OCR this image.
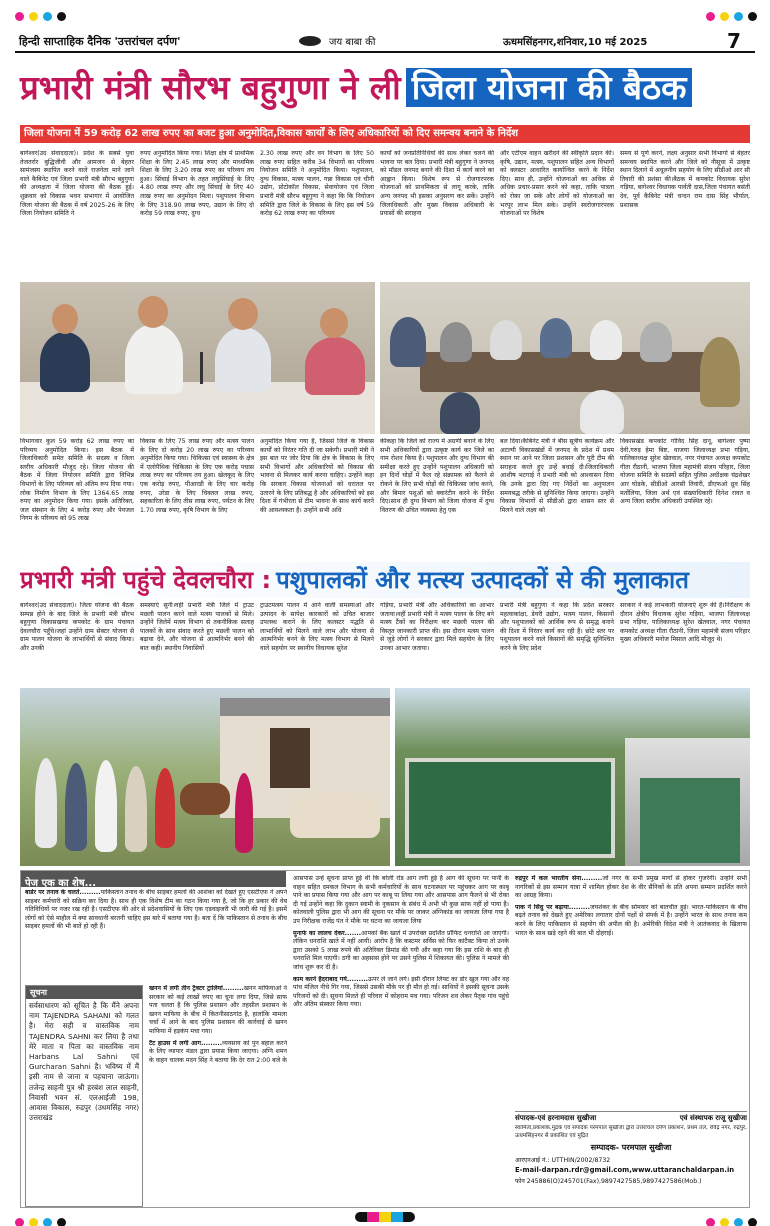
हिन्दी साप्ताहिक दैनिक 'उत्तरांचल दर्पण'	जय बाबा की	ऊधमसिंहनगर,शनिवार,10 मई 2025	7
प्रभारी मंत्री सौरभ बहुगुणा ने ली जिला योजना की बैठक
जिला योजना में 59 करोड़ 62 लाख रुपए का बजट हुआ अनुमोदित,विकास कार्यों के लिए अधिकारियों को दिए समन्वय बनाने के निर्देश
बागेश्वर(उद संवाददाता)। प्रदेश के सबसे युवा तेजतर्रार बुद्धिजीवी और आमजन से बेहतर सामंजस्य स्थापित करने वाले राजनेता माने जाने वाले कैबिनेट एवं जिला प्रभारी मंत्री सौरभ बहुगुणा की अध्यक्षता में जिला योजना की बैठक हुई।शुक्रवार को विकास भवन सभागार में आयोजित जिला योजना की बैठक में वर्ष 2025-26 के लिए जिला नियोजन समिति ने
रुपए अनुमोदित किया गया। शिक्षा क्षेत्र में प्राथमिक शिक्षा के लिए 2.45 लाख रुपए और माध्यमिक शिक्षा के लिए 3.20 लाख रुपए का परिव्यय तय हुआ। सिंचाई विभाग के तहत लघुसिंचाई के लिए 4.80 लाख रुपए और लघु सिंचाई के लिए 40 लाख रुपए का अनुमोदन मिला। पशुपालन विभाग के लिए 318.90 लाख रुपए, उद्यान के लिए दो करोड़ 59 लाख रुपए, दुग्ध
2.30 लाख रुपए और वन विभाग के लिए 50 लाख रुपए सहित करीब 34 विभागों का परिव्यय नियोजन समिति ने अनुमोदित किया। पशुपालन, दुग्ध विकास, मत्स्य पालन, गन्ना विकास एवं चीनी उद्योग, प्रोटोकॉल विकास, सेवायोजन एवं जिला प्रभारी मंत्री सौरभ बहुगुणा ने कहा कि कि नियोजन समिति द्वारा जिले के विकास के लिए इस वर्ष 59 करोड़ 62 लाख रुपए का परिव्यय
कार्यों को जनप्रतिनिधियों की साथ लेकर चलने की भावना पर बल दिया। प्रभारी मंत्री बहुगुणा ने जनपद को मॉडल जनपद बनाने की दिशा में कार्य करने का आह्वान किया। विशेष रूप से रोजगारपरक योजनाओं को प्राथमिकता से लागू करके, ताकि अन्य जनपद भी इसका अनुसरण कर सकें। उन्होंने जिलाधिकारी और मुख्य विकास अधिकारी के प्रयासों की सराहना
और एटीएम वाहन खरीदने की स्वीकृति प्रदान की। कृषि, उद्यान, मत्स्य, पशुपालन सहित अन्य विभागों को क्लस्टर आधारित कार्यान्वित करने के निर्देश दिए। साथ ही, उन्होंने योजनाओं का अधिक से अधिक प्रचार-प्रसार करने को कहा, ताकि पात्रता को रोका जा सके और लोगों को योजनाओं का भरपूर लाभ मिल सके। उन्होंने स्वरोजगारपरक योजनाओं पर विशेष
समय से पूर्ण करने, लक्ष्य अनुसार सभी विभागों से बेहतर समन्वय स्थापित करने और जिले को नीसूचा में उत्कृष्ट स्थान दिलाने में अधूलनीय सहयोग के लिए सीडीओ आर सी तिवारी की प्रशंसा की।बैठक में कपकोट विधायक सुरेश गड़िया, बागेश्वर विधायक पार्वती दास,जिला पंचायत बसंती देव, पूर्व कैबिनेट मंत्री चन्दन राम दास सिंह भौर्याल, प्रशासक
विभागवार कुल 59 करोड़ 62 लाख रुपए का परिव्यय अनुमोदित किया। इस बैठक में जिलाधिकारी समेत समिति के सदस्य व जिला स्तरीय अधिकारी मौजूद रहे। जिला योजना की बैठक में जिला नियोजन समिति द्वारा विभिन्न विभागों के लिए परिव्यय को अंतिम रूप दिया गया। लोक निर्माण विभाग के लिए 1364.65 लाख रुपए का अनुमोदन किया गया। इसके अतिरिक्त, जल संस्थान के लिए 4 करोड़ रुपए और पेयजल निगम के परिव्यय को 95 लाख
विकास के लिए 75 लाख रुपए और मत्स्य पालन के लिए दो करोड़ 20 लाख रुपए का परिव्यय अनुमोदित किया गया। चिकित्सा एवं स्वास्थ्य के क्षेत्र में एलोपैथिक चिकित्सा के लिए एक करोड़ पचास लाख रुपए का परिव्यय तय हुआ। खेलकूद के लिए एक करोड़ रुपए, पीआरडी के लिए चार करोड़ रुपए, उरेडा के लिए चिक्तल लाख रुपए, सहकारिता के लिए तीस लाख रुपए, पर्यटन के लिए 1.70 लाख रुपए, कृषि विभाग के लिए
अनुमोदित किया गया है, जिससे जिले के विकास कार्यों को निरंतर गति दी जा सकेगी। प्रभारी मंत्री ने इस बात पर जोर दिया कि क्षेत्र के विकास के लिए सभी विभागों और अधिकारियों को विकास की भावना से मिलकर कार्य करना चाहिए। उन्होंने कहा कि सरकार विकास योजनाओं को धरातल पर उतारने के लिए प्रतिबद्ध है और अधिकारियों को इस दिशा में गंभीरता से टीम भावना के साथ कार्य करने की आवश्यकता है। उन्होंने सभी अधि
कीकहा कि जिले को राज्य में अग्रणी बनाने के लिए सभी अधिकारियों द्वारा उत्कृष्ट कार्य कर जिले का नाम रोशन किया है। पशुपालन और दुग्ध विभाग की समीक्षा करते हुए उन्होंने पशुपालन अधिकारी को इन दिनों घोड़ों में फैल रहे संक्रामक को फैलने से रोकने के लिए सभी घोड़ों की चिकित्सा जांच करने, और बिमार पशुओं को क्वारंटीन करने के निर्देश दिए।साथ ही दुग्ध विभाग को जिला योजना में दुग्ध वितरण की उचित व्यवस्था हेतु एक
बल दिया।कैबिनेट मंत्री ने बीस सूत्रीय कार्यक्रम और अटल्यी विकासखंडों में जनपद के प्रदेश में प्रथम स्थान पर आने पर जिला प्रशासन और पूरी टीम की सराहना करते हुए उन्हें बधाई दी।जिलाधिकारी आशीष भटगाई ने प्रभारी मंत्री को आश्वासन दिया कि उनके द्वारा दिए गए निर्देशों का अनुपालन समयबद्ध तरीके से सुनिश्चित किया जाएगा। उन्होंने विकास विभागों से सीडीओ द्वारा शासन स्तर से मिलने वाले लक्ष्य को
विकासखंड कपकोट गोविंद सिंह दानू, बागेश्वर पुष्पा देवी,गरुड़ हेमा बिष्ट, धाजया जिलाध्यक्ष प्रभा गड़िया, पालिकाध्यक्ष सुरेश खेतवाल, नगर पंचायत अध्यक्ष कपकोट गीता रौठानी, भाजपा जिला महामंत्री संजय परिहार, जिला योजना समिति के सदस्यों सहित पुलिस अधीक्षक चंद्रशेखर आर घोडके, सीडीओ आरसी तिवारी, डीएफओ ध्रुव सिंह मर्तोलिया, जिला अर्थ एवं संख्याधिकारी दिनेश रावत व अन्य जिला स्तरीय अधिकारी उपस्थित रहे।
प्रभारी मंत्री पहुंचे देवलचौरा : पशुपालकों और मत्स्य उत्पादकों से की मुलाकात
बागेश्वर(उद संवाददाता)। जिला योजना की बैठक सम्पन्न होने के बाद जिले के प्रभारी मंत्री सौरभ बहुगुणा विकासखण्ड कपकोट के ग्राम पंचायत देवलचौरा पहुँचे।जहां उन्होंने ग्राम सेक्टर योजना से ग्राम पालन योजना के लाभार्थियों से संवाद किया।और उनकी
समस्याएं सुनी।वहीं प्रभारी मंत्री जिले में ट्राउट मछली पालन करने वाले मत्स्य पालकों से मिले।उन्होंने जिलेमें मत्स्य विभाग से तकनीकिक सलाह पालकों के साथ संवाद करते हुए मछली पालन को बढ़ावा देने, और योजना से आत्मनिर्भर बनने की बात कही। स्थानीय निवासियों
ट्राउटमत्स्य पालन में आने वाली समस्याओं और उत्पादन के सापेक्ष कारकारों को उचित बाजार उपलब्ध कराने के लिए कलस्टर पद्धति से लाभार्थियों को मिलने वाले लाभ और योजना से आत्मनिर्भर बनने के लिए मत्स्य विभाग से मिलने वाले सहयोग पर स्थानीय विधायक सुरेश
गड़िया, प्रभारी मंत्री और अधिकारियों का आभार जताया।वहीं प्रभारी मंत्री ने मत्स्य पालन के लिए बने मत्स्य टैंकों का निरीक्षण कर मछली पालन की विस्तृत जानकारी प्राप्त की। इस दौरान मत्स्य पालन से जुड़े लोगों ने सरकार द्वारा मिले सहयोग के लिए उनका आभार जताया।
प्रभारी मंत्री बहुगुणा ने कहा कि प्रदेश सरकार महत्वाकांक्षा, डेयरी उद्योग, मत्स्य पालन, किसानों और पशुपालकों को आर्थिक रूप से समृद्ध बनाने की दिशा में निरंतर कार्य कर रही है। छोटे स्तर पर पशुपालन करने वाले किसानों की समृद्धि सुनिश्चित करने के लिए प्रदेश
सरकार ने कई लाभकारी योजनाएं शुरू की हैं।निरीक्षण के दौरान क्षेत्रीय विधायक सुरेश गड़िया, भाजपा जिलाध्यक्ष प्रभा गड़िया, पालिकाध्यक्ष सुरेश खेतवाल, नगर पंचायत कपकोट अध्यक्ष गीता रौठानी, जिला महामंत्री संजय परिहार मुख्य अधिकारी मनोज मिसाल आदि मौजूद थे।
पेज एक का शेष...
बार्डर पर तनाव के चलते.........पाकिस्तान तनाव के बीच साइबर हमलों की आशंका को देखते हुए एसटीएफ ने अपने साइबर कर्मचारी को सक्रिय कर दिया है। साथ ही एक विशेष टीम का गठन किया गया है, जो कि हर प्रकार की वेब गतिविधियों पर नजर रख रही है। एसटीएफ की ओर से प्रदेशवासियों के लिए एक एडवाइजरी भी जारी की गई है। इसमें लोगों को ऐसे माहौल में क्या सावधानी बरतनी चाहिए इस बारे में बताया गया है। बता दें कि पाकिस्तान से तनाव के बीच साइबर हमलों की भी बातें हो रही हैं।
सूचना
सर्वसाधारण को सूचित है कि मैंने अपना नाम TAJENDRA SAHANI को गलत है। मेरा सही व वास्तविक नाम TAJENDRA SAHNI कर लिया है तथा मेरे माता व पिता का वास्तविक नाम Harbans Lal Sahni एवं Gurcharan Sahni है। भविष्य में मैं इसी नाम से जाना व पहचाना जाऊंगा। तजेन्द्र साहनी पुत्र श्री हरबंश लाल साहनी, निवासी भवन सं. एलआईजी 198, आवास विकास, रुद्रपुर (उधमसिंह नगर) उत्तराखंड
खनन में लगी तीन ट्रैक्टर ट्रालियां.........खनन माफियाओं ने सरकार को कई लाखों रुपए का चूना लगा दिया, जिसे साफ पता चलता है कि पुलिस प्रशासन और तहसील प्रशासन के खनन माफिया के बीच में कितनीसाठगांठ है, हालांकि मामला चर्चा में आने के बाद पुलिस प्रशासन की कार्रवाई से खनन माफिया में हड़कंप मचा गया।
टैंट हाउस में लगी आग.........व्यवसाय को पुन बहाल करने के लिए व्यापार मंडल द्वारा प्रयास किया जाएगा। अग्नि शमन के वाहन चालक मदन सिंह ने बताया कि देर रात 2:00 बजे के
आसपास उन्हें सूचना प्राप्त हुई थी कि बरेली रोड आग लगी हुई है आग की सूचना पर पानी के वाहन सहित दमकल विभाग के सभी कर्मचारियों के साथ घटनास्थल पर पहुंचकर आग पर काबू पाने का प्रयास किया गया और आग पर काबू पा लिया गया और आसपास आग फैलने से भी रोका दी गई उन्होंने कहा कि दुकान स्वामी के नुकसान के संबंध में अभी भी कुछ साफ नहीं हो पाया है। कोतवाली पुलिस द्वारा भी आग की सूचना पर मौके पर जाकर अग्निकांड का जायजा लिया गया है उप निरीक्षक राजेंद्र पंत ने मौके पर घटना का जायजा लिया
मुनाफे का लालच देकर.......आपको बैंक खाते में उपरोक्त प्रदर्शित प्रॉफिट धनराशि आ जाएगी। लेकिन धनराशि खाते में नहीं आयी। आरोप है कि कस्टमर सर्विस को फिर कांटैक्ट किया तो उनके द्वारा उसको 5 लाख रुपये की अतिरिक्त डिमांड की गयी और कहा गया कि इस राशि के बाद ही धनराशि मिल पाएगी। ठगी का अहसास होने पर उसने पुलिस में शिकायत की। पुलिस ने मामले की जांच शुरू कर दी है।
काम करने हैदराबाद गये.........ऊपर ले जाने लगे। इसी दौरान लिफ्ट का डोर खुल गया और वह पांच मंजिल नीचे गिर गया, जिससे उसकी मौके पर ही मौत हो गई। साथियों ने इसकी सूचना उसके परिजनों को दी। सूचना मिलते ही परिवार में कोहराम मच गया। परिजन शव लेकर पैतृक गांव पहुंचे और अंतिम संस्कार किया गया।
रुद्रपुर में कल भारतीय सेना.........जो नगर के सभी प्रमुख मार्गों से होकर गुजरेगी। उन्होंने सभी नागरिकों से इस सम्मान यात्रा में शामिल होकर देश के वीर सैनिकों के प्रति अपना सम्मान प्रदर्शित करने का आग्रह किया।
पाक ने सिंधु पर बढ़ाया.........जयशंकर के बीच सोमवार को बातचीत हुई। भारत-पाकिस्तान के बीच बढ़ते तनाव को देखते हुए अमेरिका लगातार दोनों पक्षों से संपर्क में है। उन्होंने भारत के साथ तनाव कम करने के लिए पाकिस्तान से सहयोग की अपील की है। अमेरिकी विदेश मंत्री ने आतंकवाद के खिलाफ भारत के साथ खड़े रहने की बात भी दोहराई।
संपादक-एवं हरनामदास सुखीजा	एवं संस्थापक राजू सुखीजा
स्वामित्व,प्रकाशक,मुद्रक एवं संपादक परमपाल सुखीजा द्वारा उत्तरांचल दर्पण प्रकाशन, प्रथम तल, रविंद्र नगर, रुद्रपुर, ऊधमसिंहनगर से प्रकाशित एवं मुद्रित
सम्पादक- परमपाल सुखीजा
आरएनआई नं.: UTTHIN/2002/8732
E-mail-darpan.rdr@gmail.com,www.uttaranchaldarpan.in
फोन 245886(O)245701(Fax),9897427585,9897427586(Mob.)
